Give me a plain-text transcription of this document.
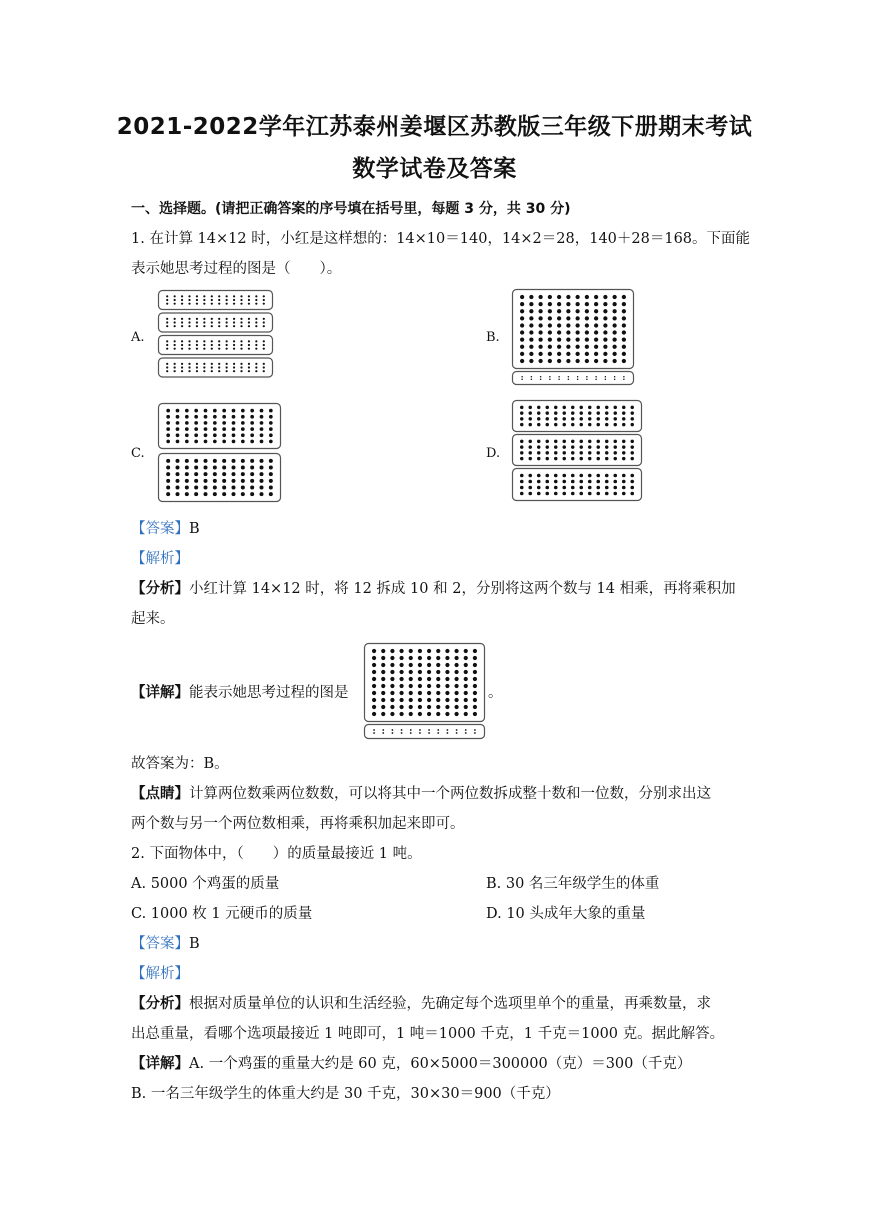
2021-2022学年江苏泰州姜堰区苏教版三年级下册期末考试
数学试卷及答案
一、选择题。(请把正确答案的序号填在括号里，每题 3 分，共 30 分)
1. 在计算 14×12 时，小红是这样想的：14×10＝140，14×2＝28，140＋28＝168。下面能
表示她思考过程的图是（　　）。
A.	B.
C.	D.
【答案】B
【解析】
【分析】小红计算 14×12 时，将 12 拆成 10 和 2，分别将这两个数与 14 相乘，再将乘积加
起来。
【详解】能表示她思考过程的图是	。
故答案为：B。
【点睛】计算两位数乘两位数数，可以将其中一个两位数拆成整十数和一位数，分别求出这
两个数与另一个两位数相乘，再将乘积加起来即可。
2. 下面物体中，（　　）的质量最接近 1 吨。
A. 5000 个鸡蛋的质量	B. 30 名三年级学生的体重
C. 1000 枚 1 元硬币的质量	D. 10 头成年大象的重量
【答案】B
【解析】
【分析】根据对质量单位的认识和生活经验，先确定每个选项里单个的重量，再乘数量，求
出总重量，看哪个选项最接近 1 吨即可，1 吨＝1000 千克，1 千克＝1000 克。据此解答。
【详解】A. 一个鸡蛋的重量大约是 60 克，60×5000＝300000（克）＝300（千克）
B. 一名三年级学生的体重大约是 30 千克，30×30＝900（千克）
